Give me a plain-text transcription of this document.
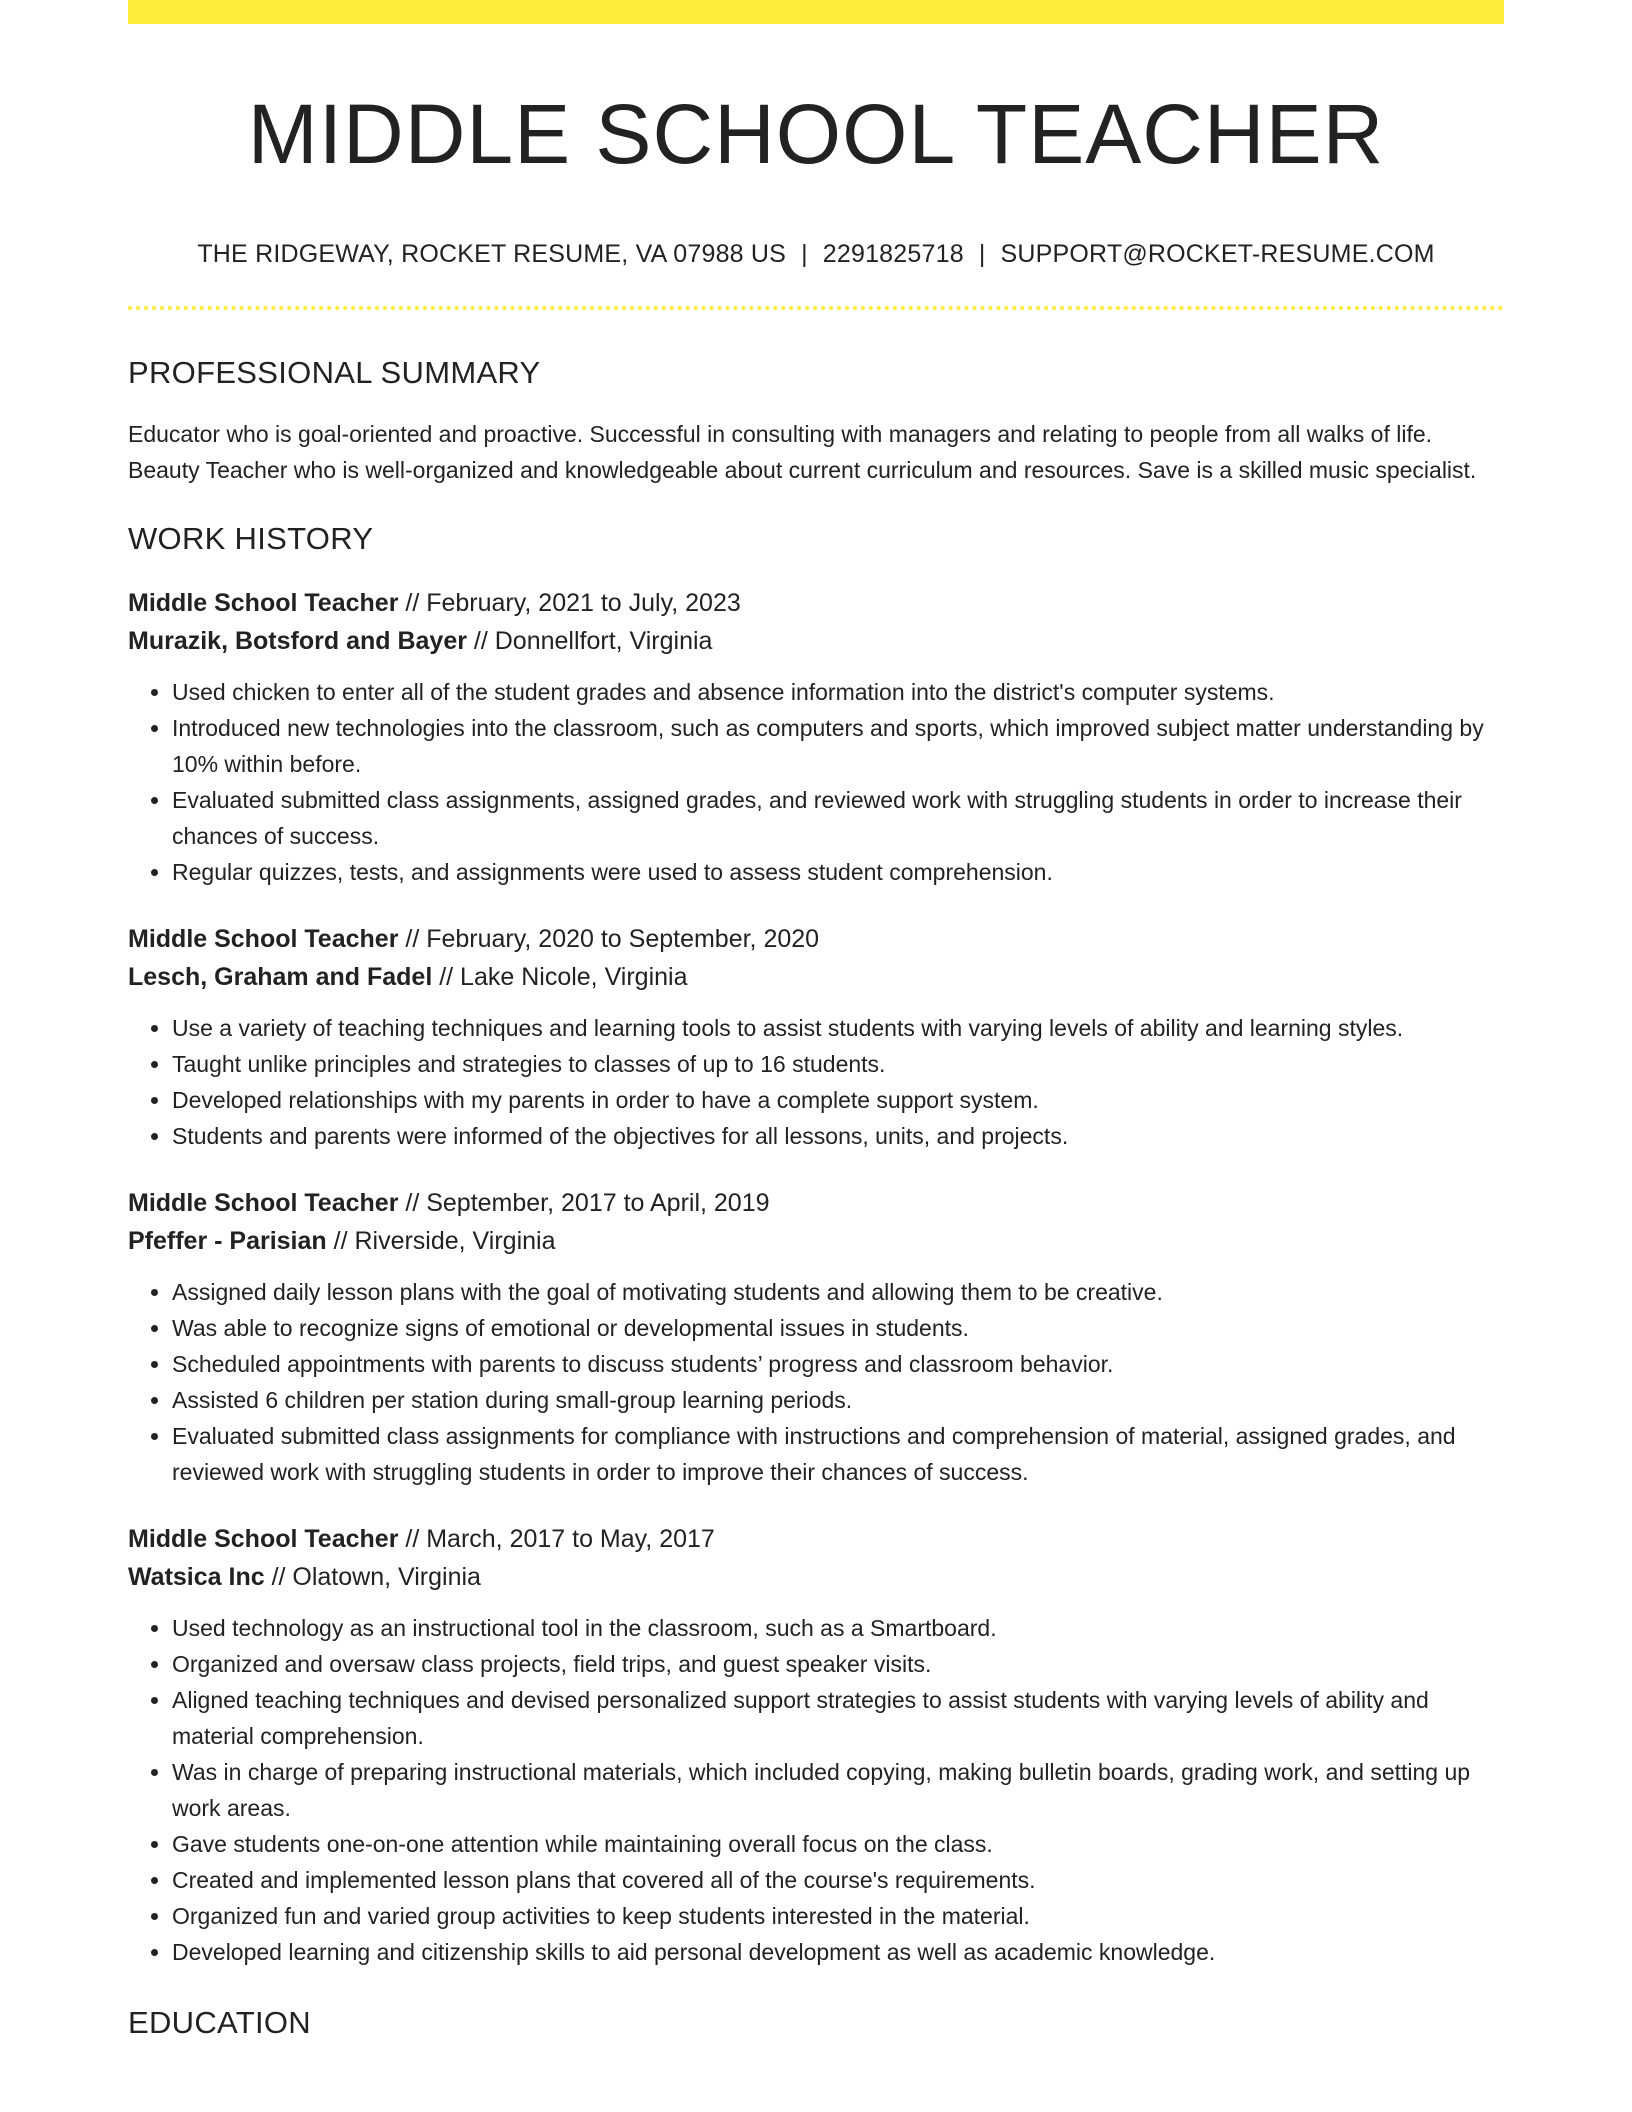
MIDDLE SCHOOL TEACHER
THE RIDGEWAY, ROCKET RESUME, VA 07988 US | 2291825718 | SUPPORT@ROCKET-RESUME.COM
PROFESSIONAL SUMMARY

Educator who is goal-oriented and proactive. Successful in consulting with managers and relating to people from all walks of life. Beauty Teacher who is well-organized and knowledgeable about current curriculum and resources. Save is a skilled music specialist.

WORK HISTORY
Middle School Teacher // February, 2021 to July, 2023
Murazik, Botsford and Bayer // Donnellfort, Virginia
• Used chicken to enter all of the student grades and absence information into the district's computer systems.
• Introduced new technologies into the classroom, such as computers and sports, which improved subject matter understanding by 10% within before.
• Evaluated submitted class assignments, assigned grades, and reviewed work with struggling students in order to increase their chances of success.
• Regular quizzes, tests, and assignments were used to assess student comprehension.
Middle School Teacher // February, 2020 to September, 2020
Lesch, Graham and Fadel // Lake Nicole, Virginia
• Use a variety of teaching techniques and learning tools to assist students with varying levels of ability and learning styles.
• Taught unlike principles and strategies to classes of up to 16 students.
• Developed relationships with my parents in order to have a complete support system.
• Students and parents were informed of the objectives for all lessons, units, and projects.
Middle School Teacher // September, 2017 to April, 2019
Pfeffer - Parisian // Riverside, Virginia
• Assigned daily lesson plans with the goal of motivating students and allowing them to be creative.
• Was able to recognize signs of emotional or developmental issues in students.
• Scheduled appointments with parents to discuss students’ progress and classroom behavior.
• Assisted 6 children per station during small-group learning periods.
• Evaluated submitted class assignments for compliance with instructions and comprehension of material, assigned grades, and reviewed work with struggling students in order to improve their chances of success.
Middle School Teacher // March, 2017 to May, 2017
Watsica Inc // Olatown, Virginia
• Used technology as an instructional tool in the classroom, such as a Smartboard.
• Organized and oversaw class projects, field trips, and guest speaker visits.
• Aligned teaching techniques and devised personalized support strategies to assist students with varying levels of ability and material comprehension.
• Was in charge of preparing instructional materials, which included copying, making bulletin boards, grading work, and setting up work areas.
• Gave students one-on-one attention while maintaining overall focus on the class.
• Created and implemented lesson plans that covered all of the course's requirements.
• Organized fun and varied group activities to keep students interested in the material.
• Developed learning and citizenship skills to aid personal development as well as academic knowledge.
EDUCATION
